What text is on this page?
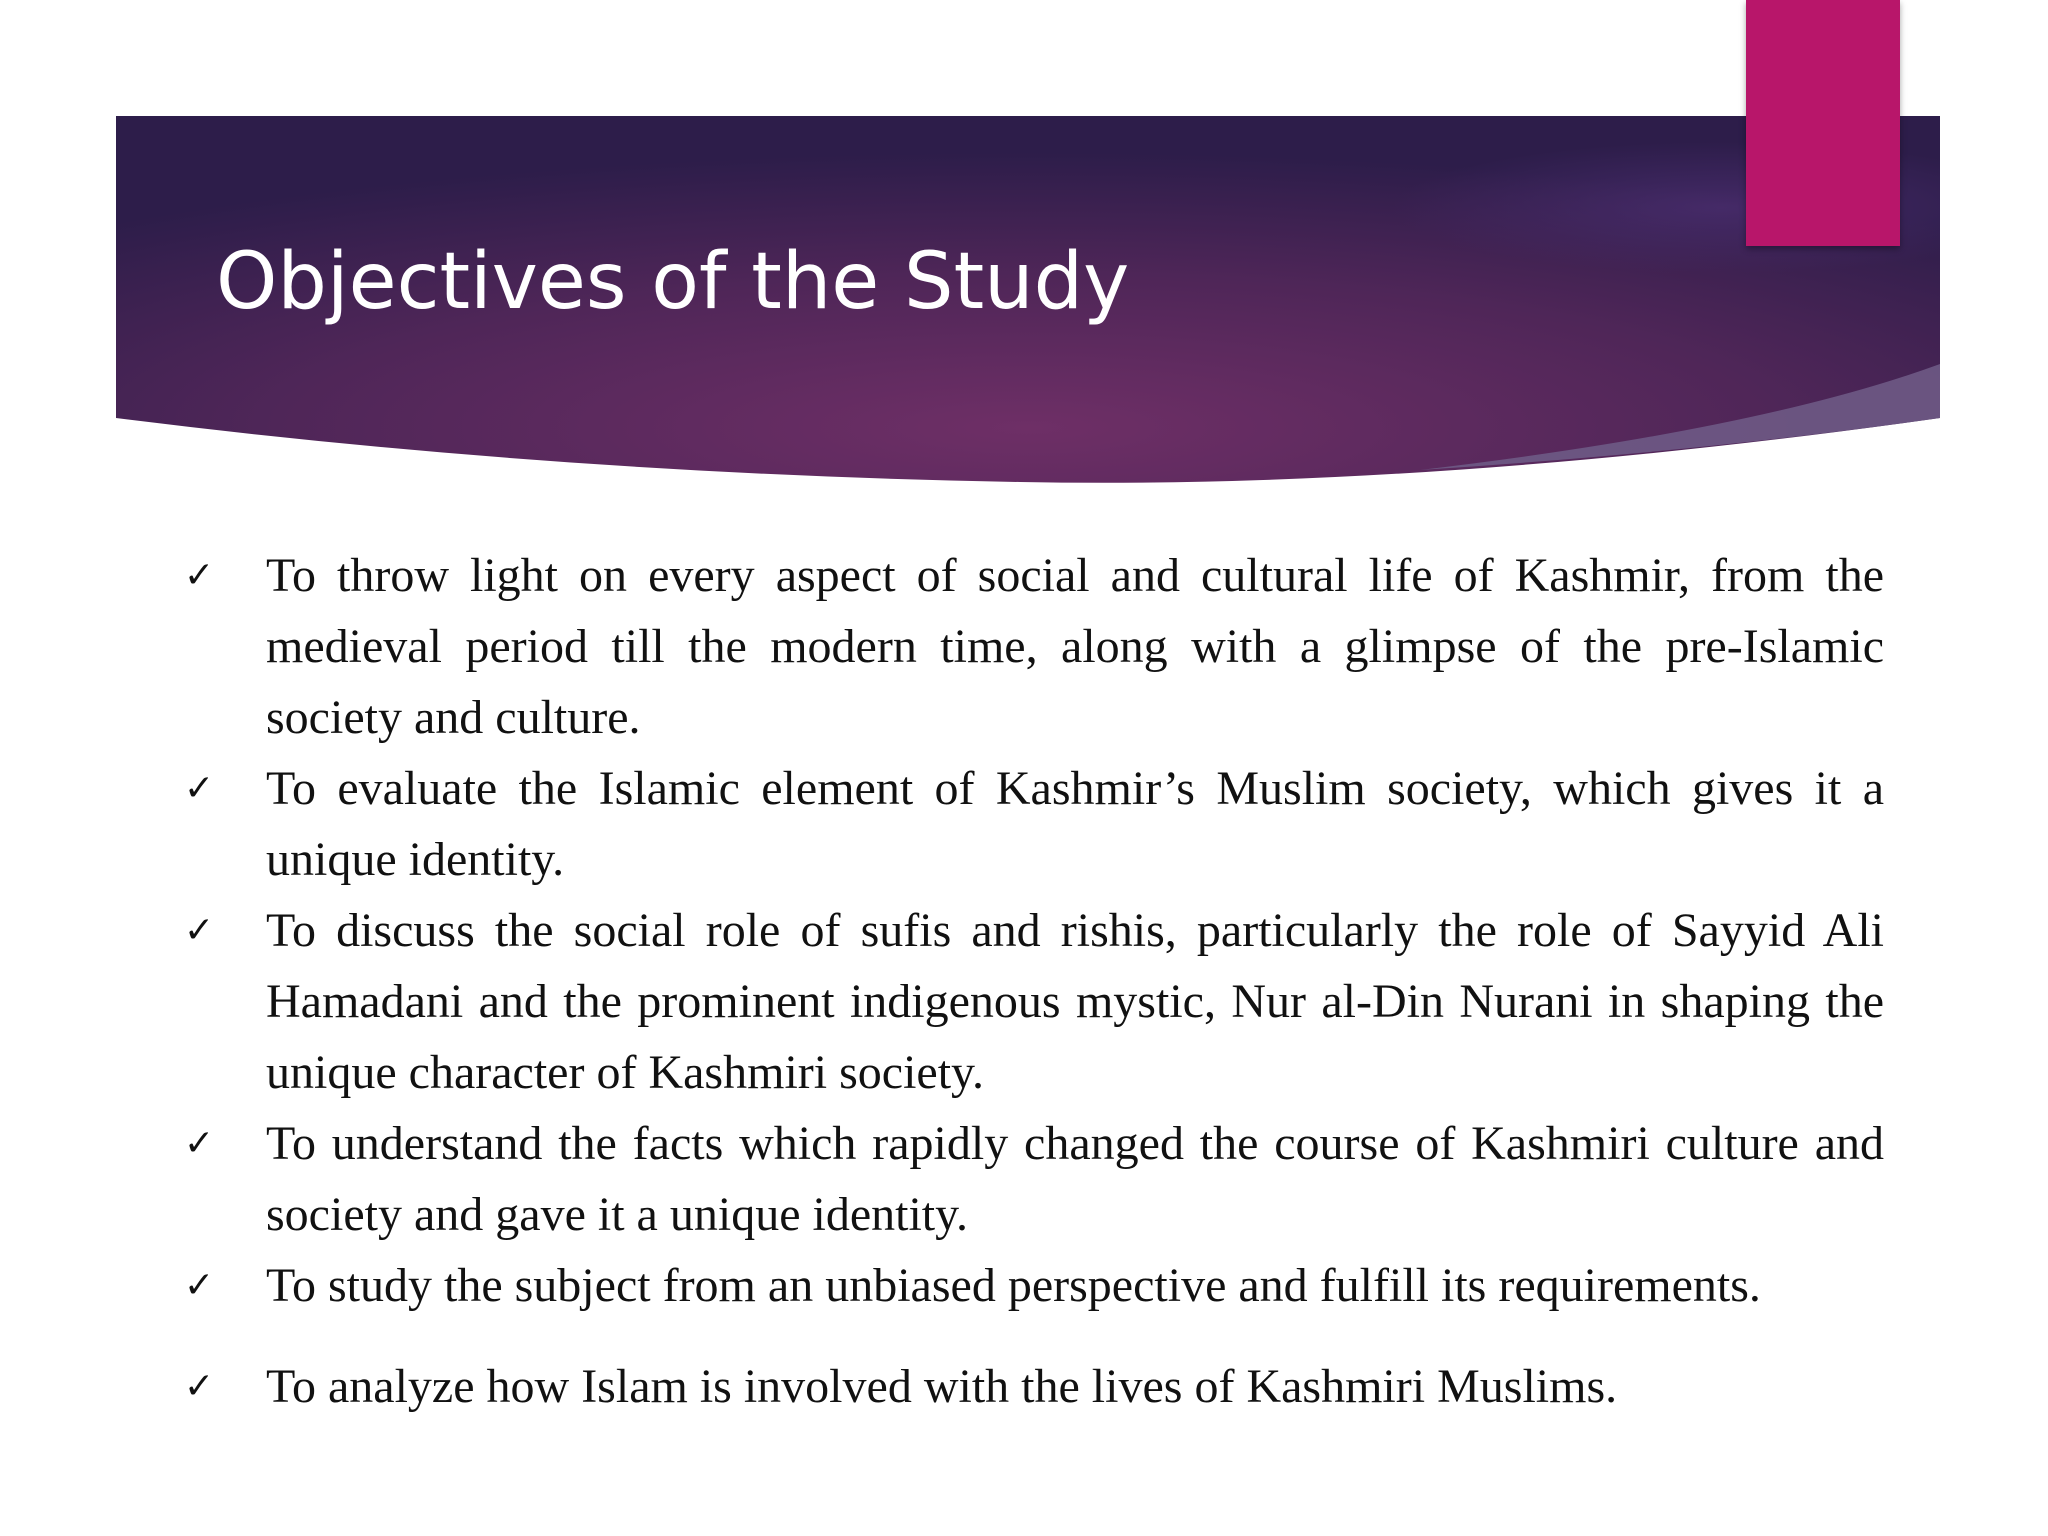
Objectives of the Study
✓	To throw light on every aspect of social and cultural life of Kashmir, from the medieval period till the modern time, along with a glimpse of the pre-Islamic society and culture.
✓	To evaluate the Islamic element of Kashmir’s Muslim society, which gives it a unique identity.
✓	To discuss the social role of sufis and rishis, particularly the role of Sayyid Ali Hamadani and the prominent indigenous mystic, Nur al-Din Nurani in shaping the unique character of Kashmiri society.
✓	To understand the facts which rapidly changed the course of Kashmiri culture and society and gave it a unique identity.
✓	To study the subject from an unbiased perspective and fulfill its requirements.
✓	To analyze how Islam is involved with the lives of Kashmiri Muslims.
